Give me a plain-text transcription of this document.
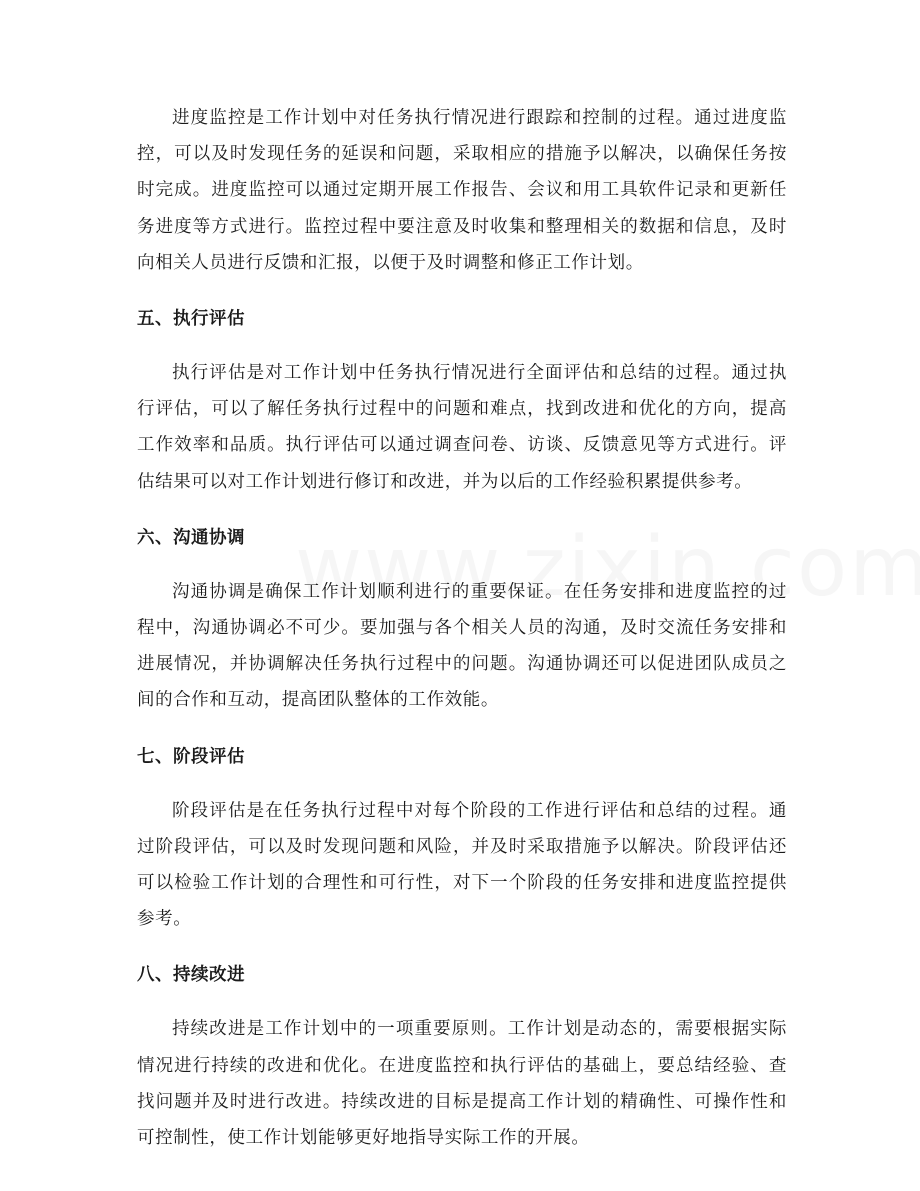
进度监控是工作计划中对任务执行情况进行跟踪和控制的过程。通过进度监控，可以及时发现任务的延误和问题，采取相应的措施予以解决，以确保任务按时完成。进度监控可以通过定期开展工作报告、会议和用工具软件记录和更新任务进度等方式进行。监控过程中要注意及时收集和整理相关的数据和信息，及时向相关人员进行反馈和汇报，以便于及时调整和修正工作计划。

五、执行评估

执行评估是对工作计划中任务执行情况进行全面评估和总结的过程。通过执行评估，可以了解任务执行过程中的问题和难点，找到改进和优化的方向，提高工作效率和品质。执行评估可以通过调查问卷、访谈、反馈意见等方式进行。评估结果可以对工作计划进行修订和改进，并为以后的工作经验积累提供参考。

六、沟通协调

沟通协调是确保工作计划顺利进行的重要保证。在任务安排和进度监控的过程中，沟通协调必不可少。要加强与各个相关人员的沟通，及时交流任务安排和进展情况，并协调解决任务执行过程中的问题。沟通协调还可以促进团队成员之间的合作和互动，提高团队整体的工作效能。

七、阶段评估

阶段评估是在任务执行过程中对每个阶段的工作进行评估和总结的过程。通过阶段评估，可以及时发现问题和风险，并及时采取措施予以解决。阶段评估还可以检验工作计划的合理性和可行性，对下一个阶段的任务安排和进度监控提供参考。

八、持续改进

持续改进是工作计划中的一项重要原则。工作计划是动态的，需要根据实际情况进行持续的改进和优化。在进度监控和执行评估的基础上，要总结经验、查找问题并及时进行改进。持续改进的目标是提高工作计划的精确性、可操作性和可控制性，使工作计划能够更好地指导实际工作的开展。
